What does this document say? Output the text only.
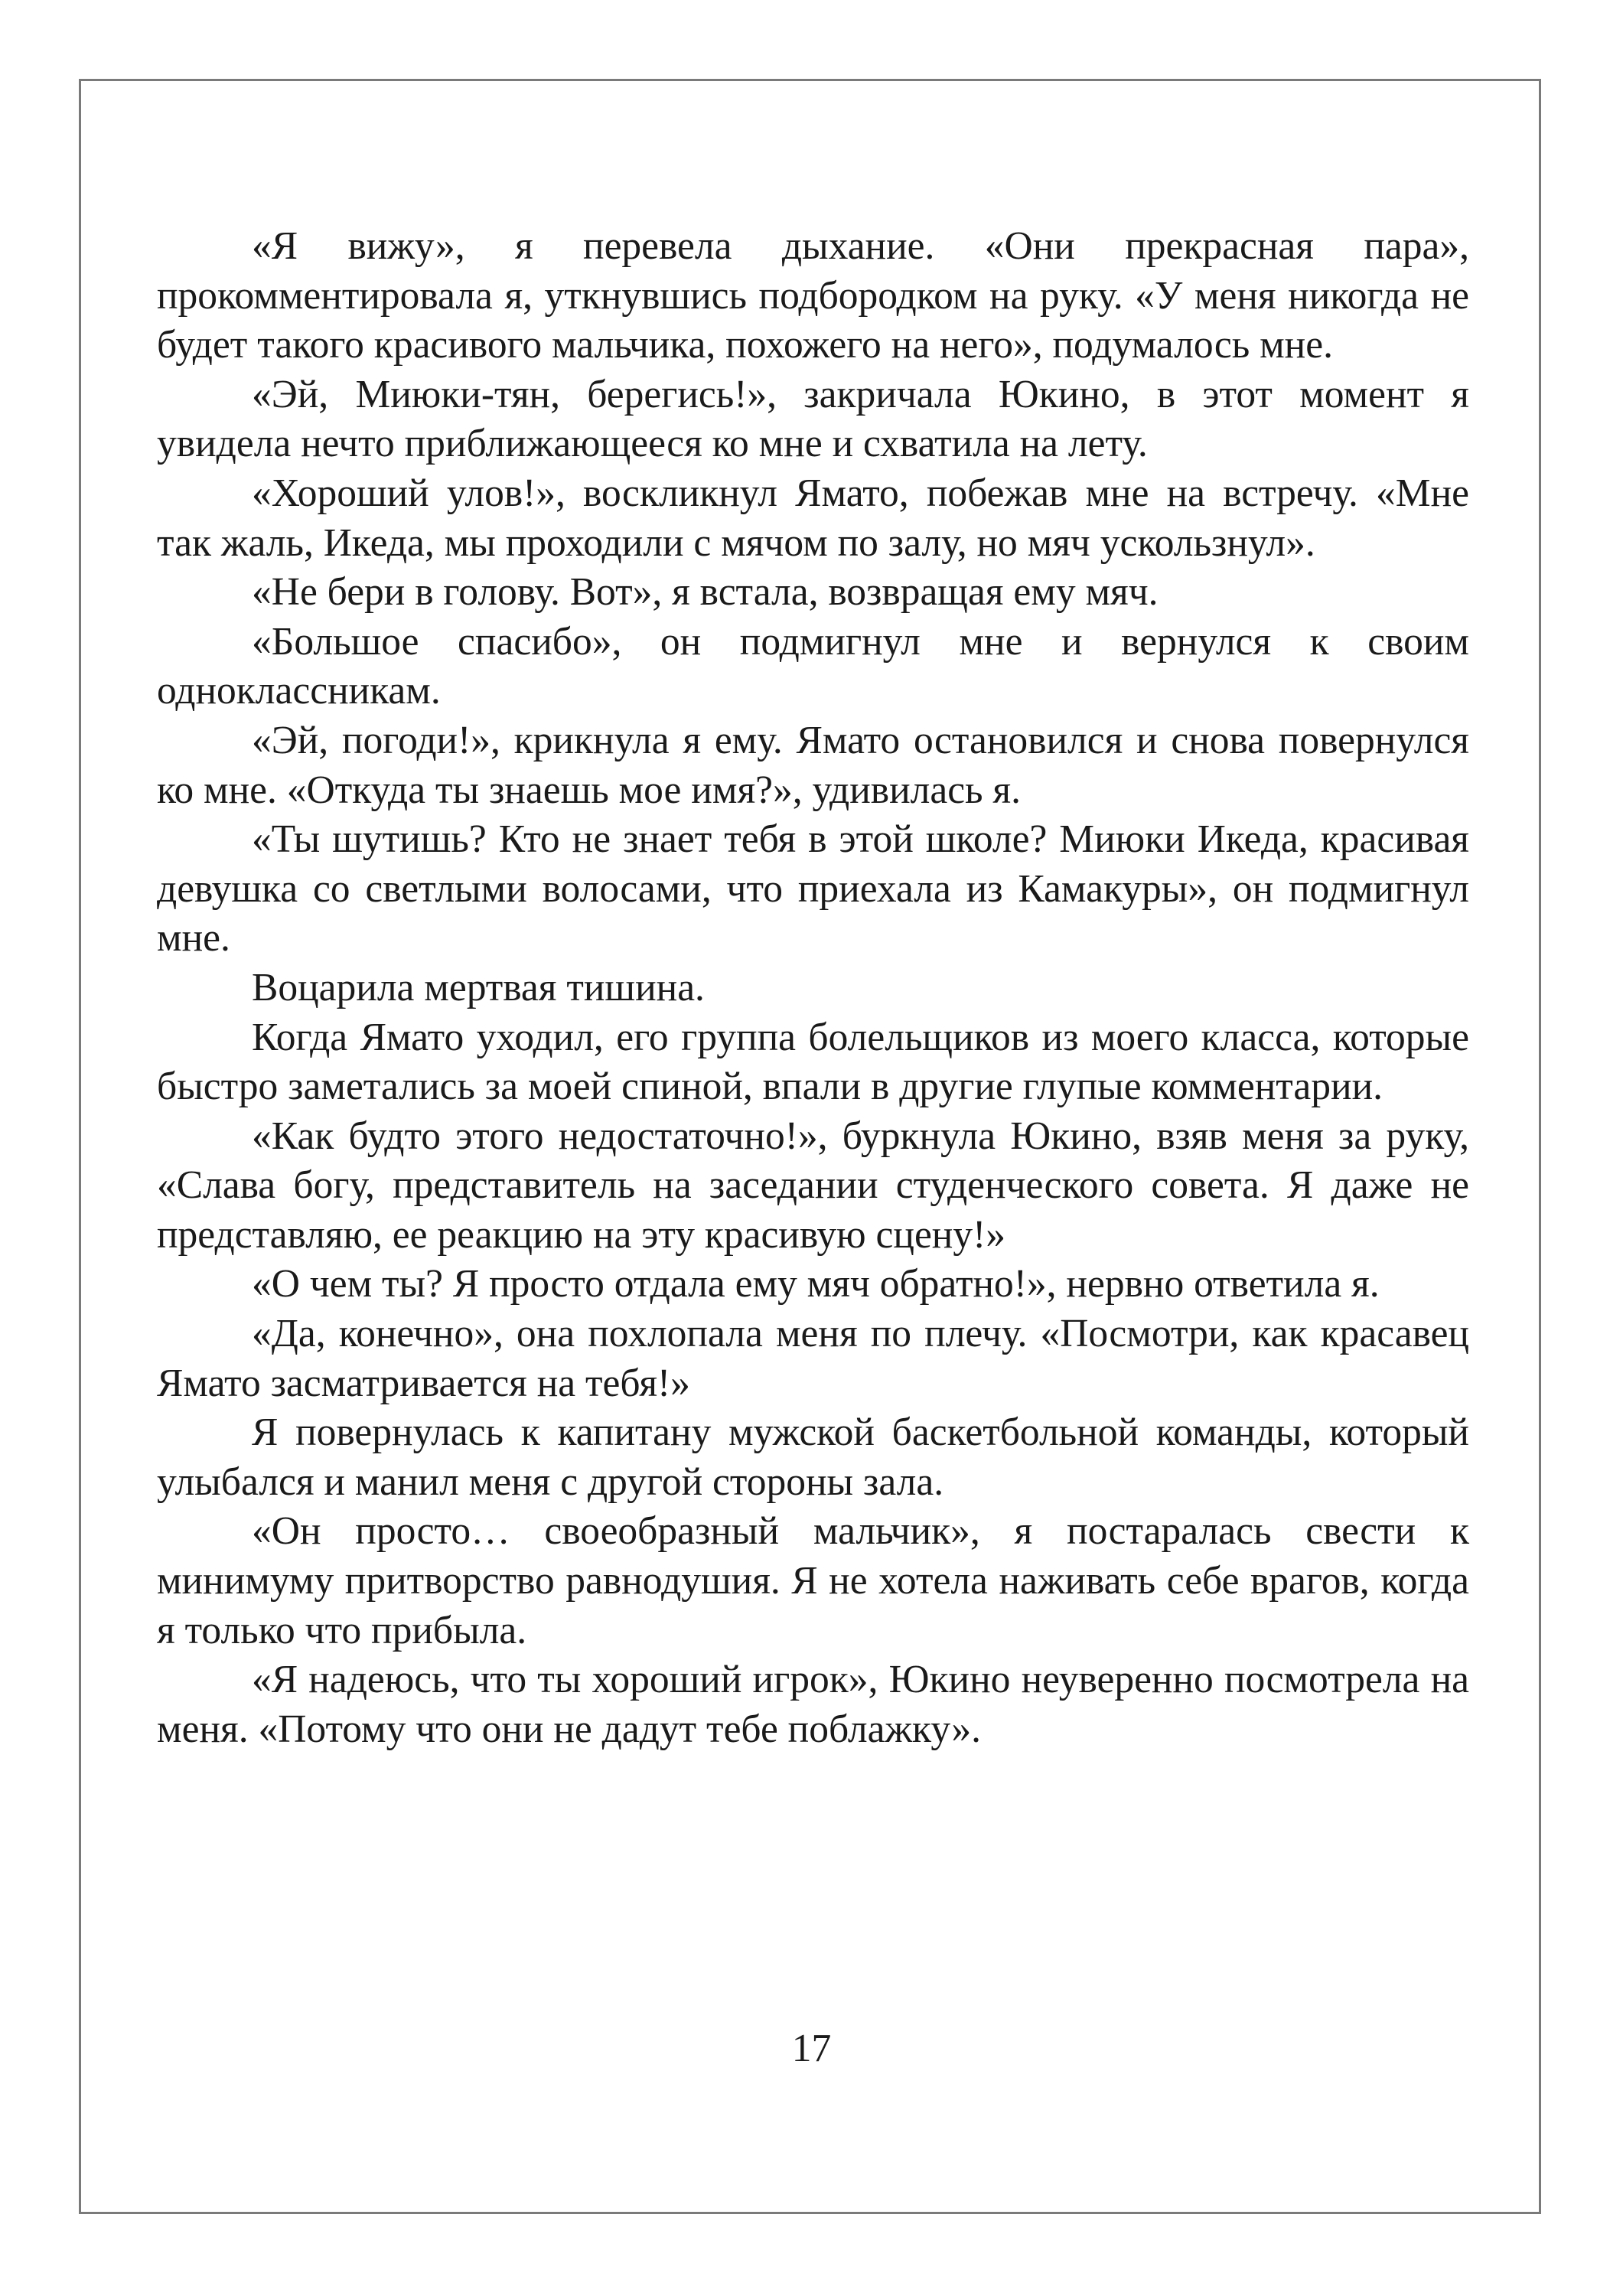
«Я вижу», я перевела дыхание. «Они прекрасная пара», прокомментировала я, уткнувшись подбородком на руку. «У меня никогда не будет такого красивого мальчика, похожего на него», подумалось мне.

«Эй, Миюки-тян, берегись!», закричала Юкино, в этот момент я увидела нечто приближающееся ко мне и схватила на лету.

«Хороший улов!», воскликнул Ямато, побежав мне на встречу. «Мне так жаль, Икеда, мы проходили с мячом по залу, но мяч ускользнул».

«Не бери в голову. Вот», я встала, возвращая ему мяч.

«Большое спасибо», он подмигнул мне и вернулся к своим одноклассникам.

«Эй, погоди!», крикнула я ему. Ямато остановился и снова повернулся ко мне. «Откуда ты знаешь мое имя?», удивилась я.

«Ты шутишь? Кто не знает тебя в этой школе? Миюки Икеда, красивая девушка со светлыми волосами, что приехала из Камакуры», он подмигнул мне.

Воцарила мертвая тишина.

Когда Ямато уходил, его группа болельщиков из моего класса, которые быстро заметались за моей спиной, впали в другие глупые комментарии.

«Как будто этого недостаточно!», буркнула Юкино, взяв меня за руку, «Слава богу, представитель на заседании студенческого совета. Я даже не представляю, ее реакцию на эту красивую сцену!»

«О чем ты? Я просто отдала ему мяч обратно!», нервно ответила я.

«Да, конечно», она похлопала меня по плечу. «Посмотри, как красавец Ямато засматривается на тебя!»

Я повернулась к капитану мужской баскетбольной команды, который улыбался и манил меня с другой стороны зала.

«Он просто… своеобразный мальчик», я постаралась свести к минимуму притворство равнодушия. Я не хотела наживать себе врагов, когда я только что прибыла.

«Я надеюсь, что ты хороший игрок», Юкино неуверенно посмотрела на меня. «Потому что они не дадут тебе поблажку».

17
